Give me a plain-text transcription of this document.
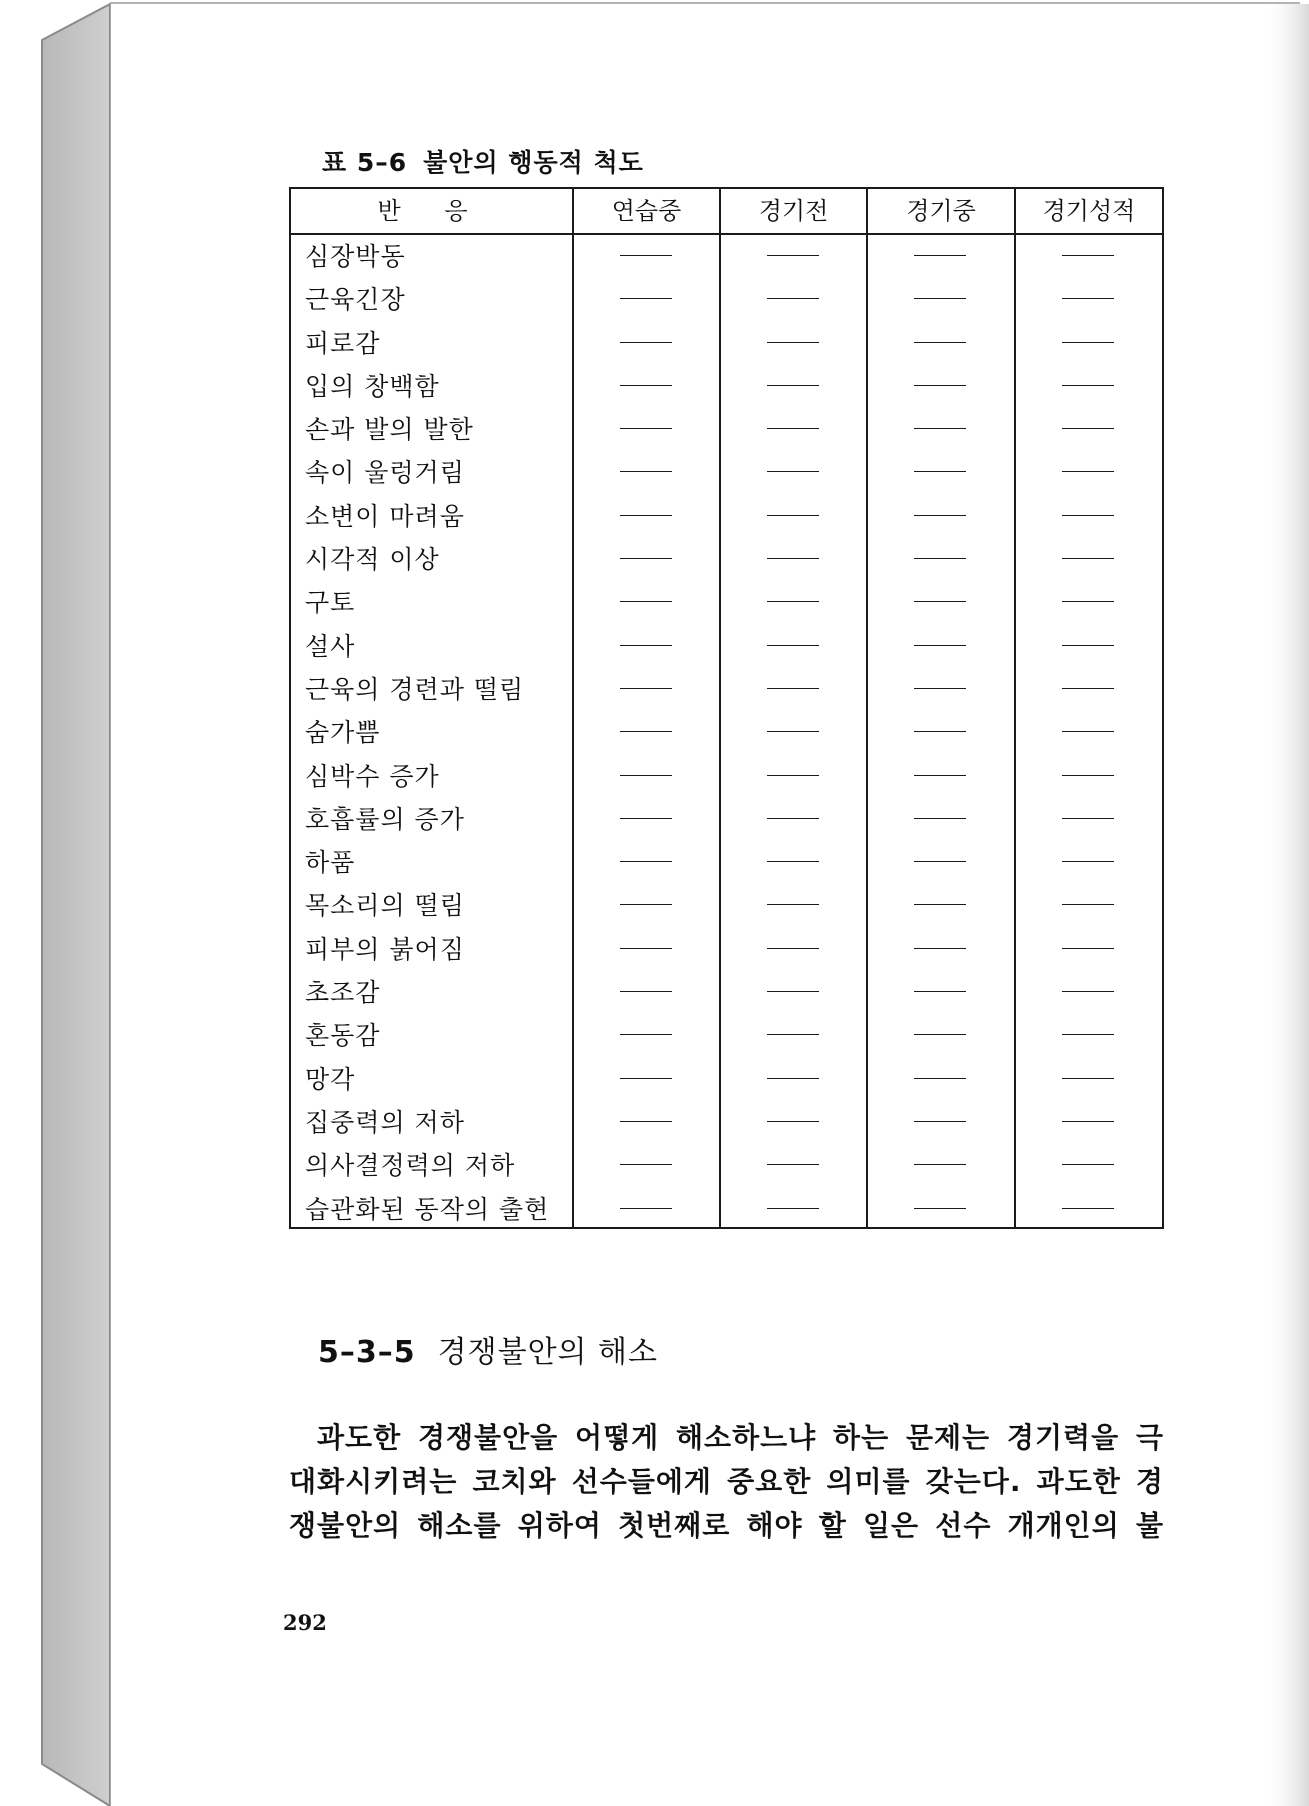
표 5–6 불안의 행동적 척도
반 응	연습중	경기전	경기중	경기성적
심장박동
근육긴장
피로감
입의 창백함
손과 발의 발한
속이 울렁거림
소변이 마려움
시각적 이상
구토
설사
근육의 경련과 떨림
숨가쁨
심박수 증가
호흡률의 증가
하품
목소리의 떨림
피부의 붉어짐
초조감
혼동감
망각
집중력의 저하
의사결정력의 저하
습관화된 동작의 출현
5–3–5 경쟁불안의 해소
과도한 경쟁불안을 어떻게 해소하느냐 하는 문제는 경기력을 극
대화시키려는 코치와 선수들에게 중요한 의미를 갖는다. 과도한 경
쟁불안의 해소를 위하여 첫번째로 해야 할 일은 선수 개개인의 불
292
